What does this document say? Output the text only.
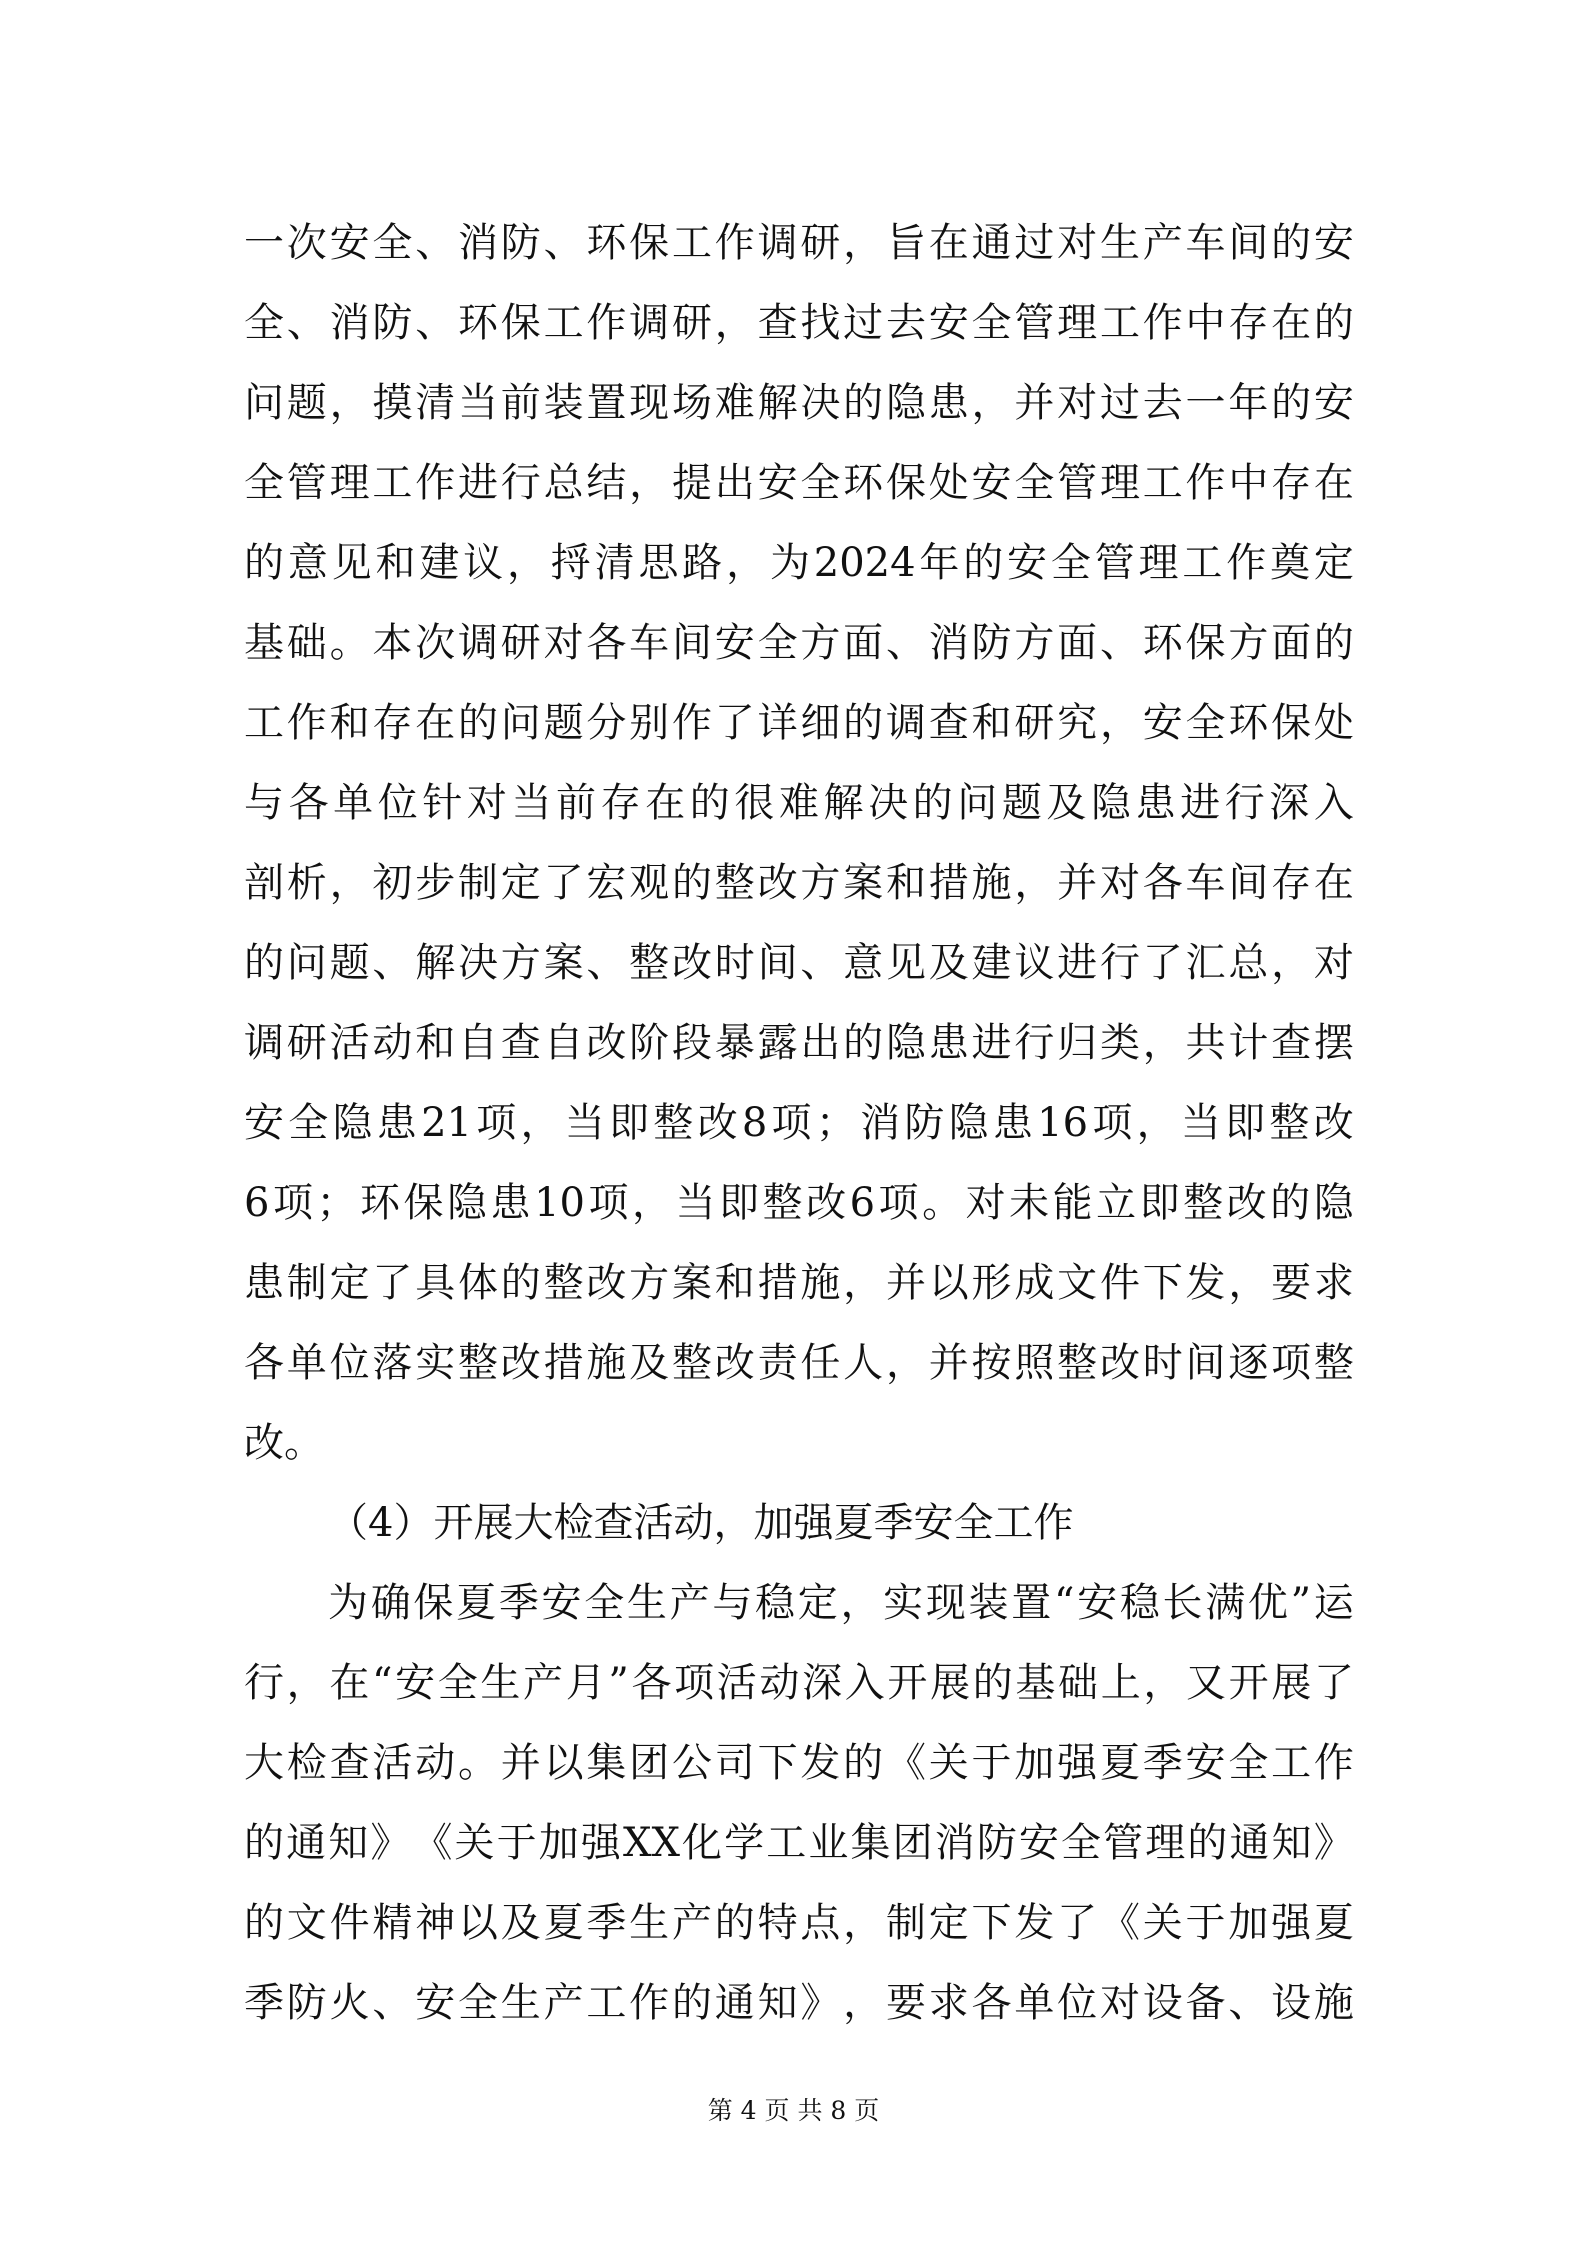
一 次 安 全 、 消 防 、 环 保 工 作 调 研 ， 旨 在 通 过 对 生 产 车 间 的 安
全 、 消 防 、 环 保 工 作 调 研 ， 查 找 过 去 安 全 管 理 工 作 中 存 在 的
问 题 ， 摸 清 当 前 装 置 现 场 难 解 决 的 隐 患 ， 并 对 过 去 一 年 的 安
全 管 理 工 作 进 行 总 结 ， 提 出 安 全 环 保 处 安 全 管 理 工 作 中 存 在
的 意 见 和 建 议 ， 捋 清 思 路 ， 为 2024 年 的 安 全 管 理 工 作 奠 定
基 础 。 本 次 调 研 对 各 车 间 安 全 方 面 、 消 防 方 面 、 环 保 方 面 的
工 作 和 存 在 的 问 题 分 别 作 了 详 细 的 调 查 和 研 究 ， 安 全 环 保 处
与 各 单 位 针 对 当 前 存 在 的 很 难 解 决 的 问 题 及 隐 患 进 行 深 入
剖 析 ， 初 步 制 定 了 宏 观 的 整 改 方 案 和 措 施 ， 并 对 各 车 间 存 在
的 问 题 、 解 决 方 案 、 整 改 时 间 、 意 见 及 建 议 进 行 了 汇 总 ， 对
调 研 活 动 和 自 查 自 改 阶 段 暴 露 出 的 隐 患 进 行 归 类 ， 共 计 查 摆
安 全 隐 患 21 项 ， 当 即 整 改 8 项 ； 消 防 隐 患 16 项 ， 当 即 整 改
6 项 ； 环 保 隐 患 10 项 ， 当 即 整 改 6 项 。 对 未 能 立 即 整 改 的 隐
患 制 定 了 具 体 的 整 改 方 案 和 措 施 ， 并 以 形 成 文 件 下 发 ， 要 求
各 单 位 落 实 整 改 措 施 及 整 改 责 任 人 ， 并 按 照 整 改 时 间 逐 项 整
改。
（4）开展大检查活动，加强夏季安全工作
为 确 保 夏 季 安 全 生 产 与 稳 定 ， 实 现 装 置 “ 安 稳 长 满 优 ” 运
行 ， 在 “ 安 全 生 产 月 ” 各 项 活 动 深 入 开 展 的 基 础 上 ， 又 开 展 了
大 检 查 活 动 。 并 以 集 团 公 司 下 发 的 《 关 于 加 强 夏 季 安 全 工 作
的 通 知 》 《 关 于 加 强 XX 化 学 工 业 集 团 消 防 安 全 管 理 的 通 知 》
的 文 件 精 神 以 及 夏 季 生 产 的 特 点 ， 制 定 下 发 了 《 关 于 加 强 夏
季 防 火 、 安 全 生 产 工 作 的 通 知 》 ， 要 求 各 单 位 对 设 备 、 设 施
第 4 页 共 8 页
